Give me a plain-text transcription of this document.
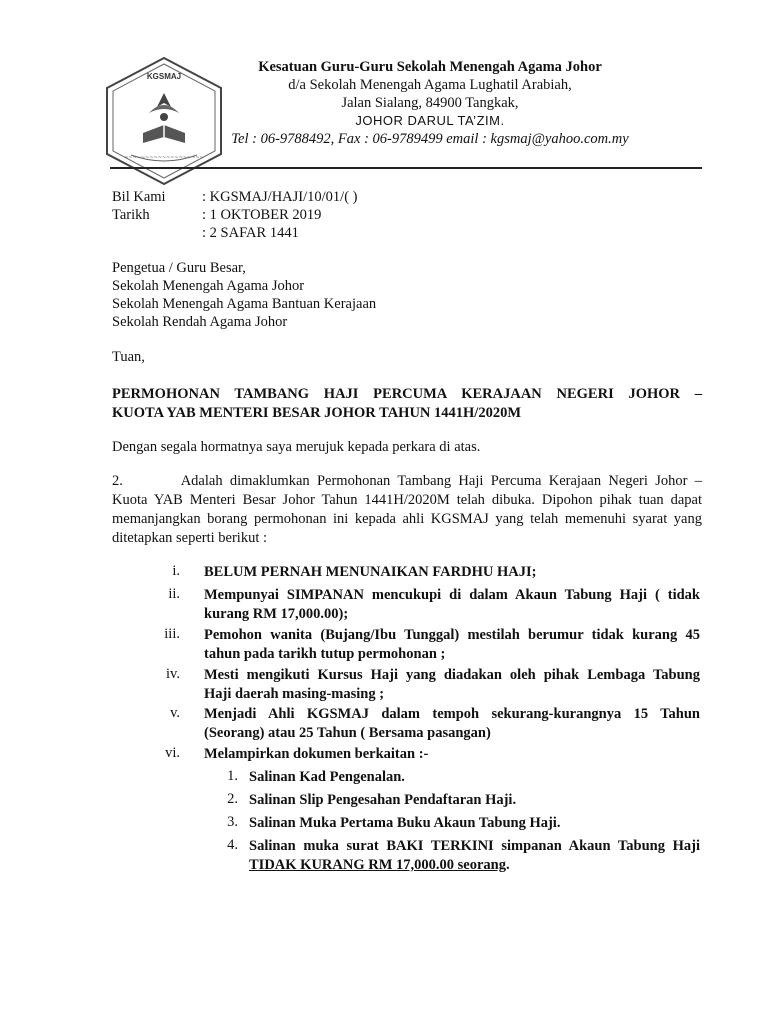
KGSMAJ
~~~~~~~~~~~~~~~~~~~
Kesatuan Guru-Guru Sekolah Menengah Agama Johor
d/a Sekolah Menengah Agama Lughatil Arabiah,
Jalan Sialang, 84900 Tangkak,
JOHOR DARUL TA’ZIM.
Tel : 06-9788492, Fax : 06-9789499 email : kgsmaj@yahoo.com.my
Bil Kami	: KGSMAJ/HAJI/10/01/( )
Tarikh	: 1 OKTOBER 2019
: 2 SAFAR 1441
Pengetua / Guru Besar,
Sekolah Menengah Agama Johor
Sekolah Menengah Agama Bantuan Kerajaan
Sekolah Rendah Agama Johor
Tuan,
PERMOHONAN TAMBANG HAJI PERCUMA KERAJAAN NEGERI JOHOR –
KUOTA YAB MENTERI BESAR JOHOR TAHUN 1441H/2020M
Dengan segala hormatnya saya merujuk kepada perkara di atas.
2.        Adalah dimaklumkan Permohonan Tambang Haji Percuma Kerajaan Negeri Johor –
Kuota YAB Menteri Besar Johor Tahun 1441H/2020M telah dibuka. Dipohon pihak tuan dapat
memanjangkan borang permohonan ini kepada ahli KGSMAJ yang telah memenuhi syarat yang
ditetapkan seperti berikut :
i. BELUM PERNAH MENUNAIKAN FARDHU HAJI;
ii. Mempunyai SIMPANAN mencukupi di dalam Akaun Tabung Haji ( tidak
kurang RM 17,000.00);
iii. Pemohon wanita (Bujang/Ibu Tunggal) mestilah berumur tidak kurang 45
tahun pada tarikh tutup permohonan ;
iv. Mesti mengikuti Kursus Haji yang diadakan oleh pihak Lembaga Tabung
Haji daerah masing-masing ;
v. Menjadi Ahli KGSMAJ dalam tempoh sekurang-kurangnya 15 Tahun
(Seorang) atau 25 Tahun ( Bersama pasangan)
vi. Melampirkan dokumen berkaitan :-
1. Salinan Kad Pengenalan.
2. Salinan Slip Pengesahan Pendaftaran Haji.
3. Salinan Muka Pertama Buku Akaun Tabung Haji.
4. Salinan muka surat BAKI TERKINI simpanan Akaun Tabung Haji
TIDAK KURANG RM 17,000.00 seorang.
